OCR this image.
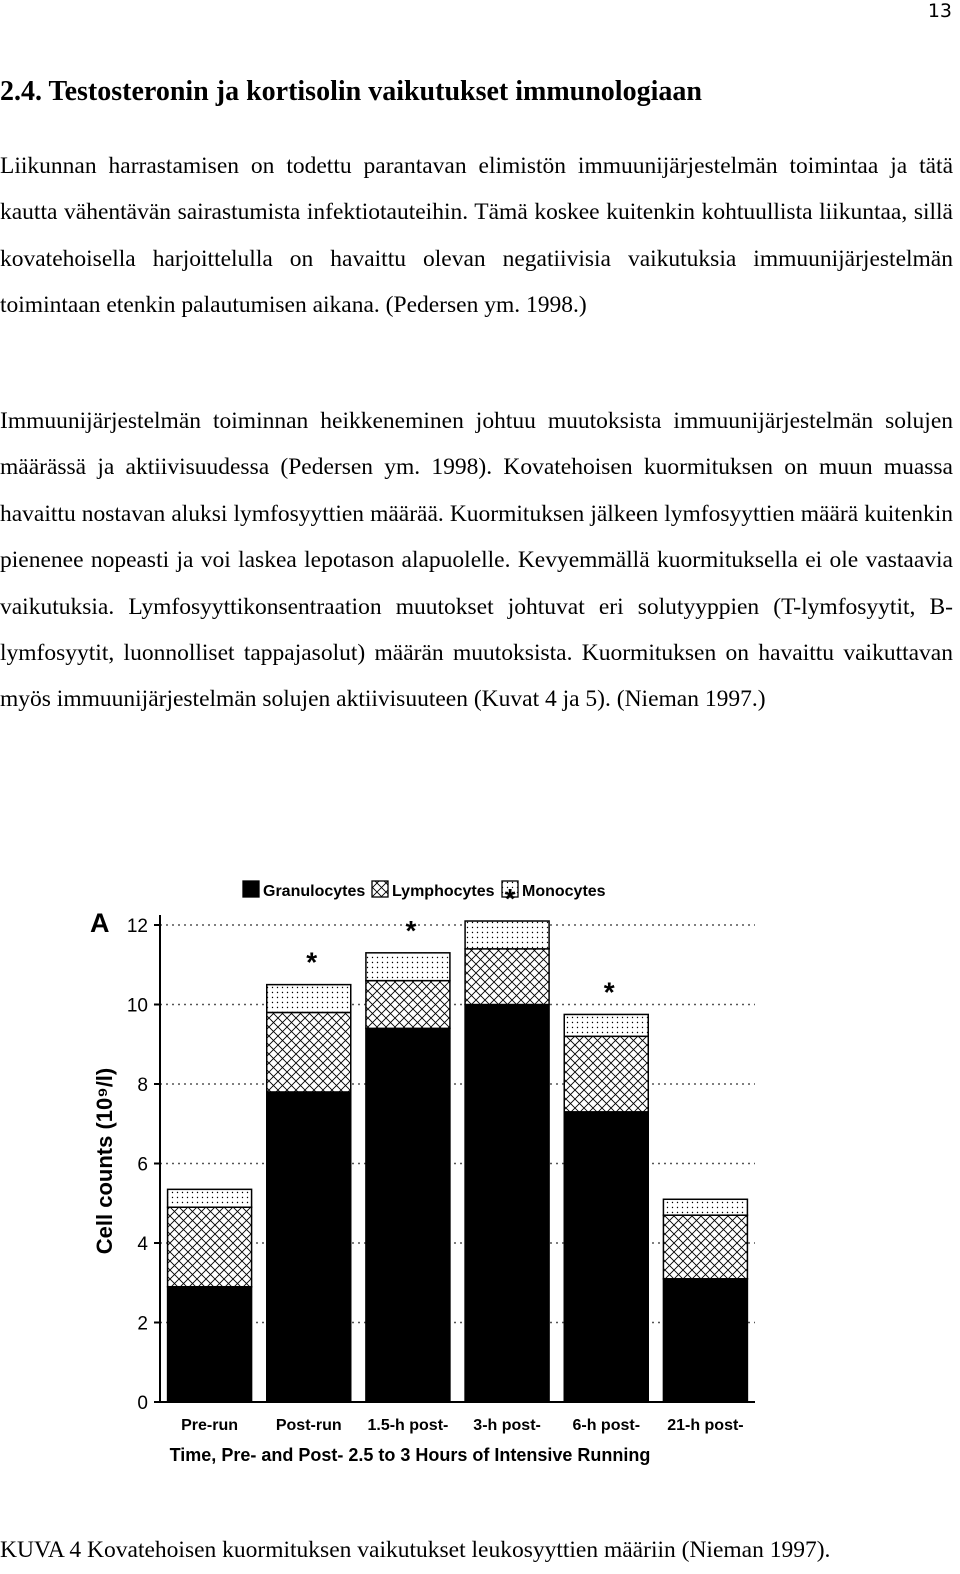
13
2.4. Testosteronin ja kortisolin vaikutukset immunologiaan

Liikunnan harrastamisen on todettu parantavan elimistön immuunijärjestelmän toimintaa ja tätä kautta vähentävän sairastumista infektiotauteihin. Tämä koskee kuitenkin kohtuullista liikuntaa, sillä kovatehoisella harjoittelulla on havaittu olevan negatiivisia vaikutuksia immuunijärjestelmän toimintaan etenkin palautumisen aikana. (Pedersen ym. 1998.)

Immuunijärjestelmän toiminnan heikkeneminen johtuu muutoksista immuunijärjestelmän solujen määrässä ja aktiivisuudessa (Pedersen ym. 1998). Kovatehoisen kuormituksen on muun muassa havaittu nostavan aluksi lymfosyyttien määrää. Kuormituksen jälkeen lymfosyyttien määrä kuitenkin pienenee nopeasti ja voi laskea lepotason alapuolelle. Kevyemmällä kuormituksella ei ole vastaavia vaikutuksia. Lymfosyyttikonsentraation muutokset johtuvat eri solutyyppien (T-lymfosyytit, B-lymfosyytit, luonnolliset tappajasolut) määrän muutoksista. Kuormituksen on havaittu vaikuttavan myös immuunijärjestelmän solujen aktiivisuuteen (Kuvat 4 ja 5). (Nieman 1997.)

Granulocytes Lymphocytes Monocytes
A
0
2
4
6
8
10
12
*
*
*
*
Pre-run Post-run 1.5-h post- 3-h post- 6-h post- 21-h post-
Cell counts (10⁹/l)
Time, Pre- and Post- 2.5 to 3 Hours of Intensive Running

KUVA 4 Kovatehoisen kuormituksen vaikutukset leukosyyttien määriin (Nieman 1997).
